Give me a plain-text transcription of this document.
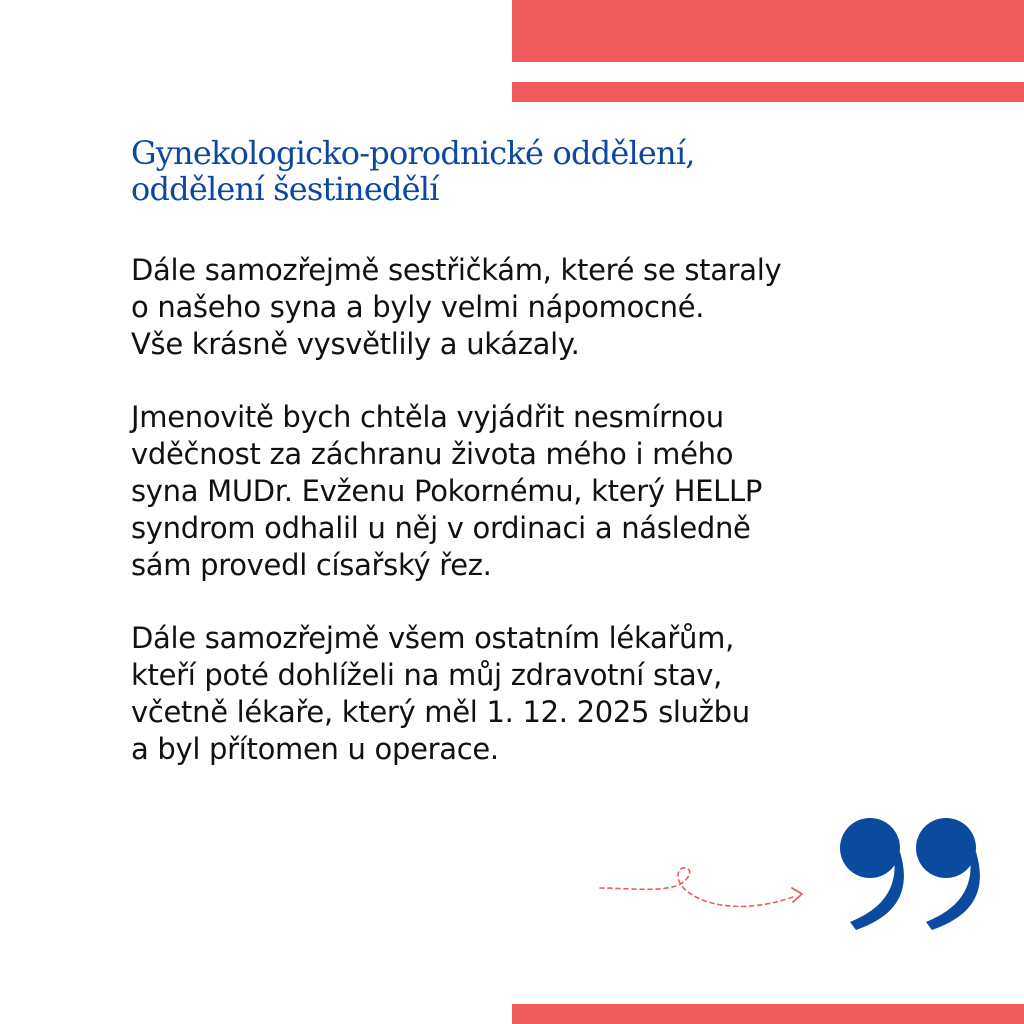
Gynekologicko-porodnické oddělení,
oddělení šestinedělí

Dále samozřejmě sestřičkám, které se staraly
o našeho syna a byly velmi nápomocné.
Vše krásně vysvětlily a ukázaly.

Jmenovitě bych chtěla vyjádřit nesmírnou
vděčnost za záchranu života mého i mého
syna MUDr. Evženu Pokornému, který HELLP
syndrom odhalil u něj v ordinaci a následně
sám provedl císařský řez.

Dále samozřejmě všem ostatním lékařům,
kteří poté dohlíželi na můj zdravotní stav,
včetně lékaře, který měl 1. 12. 2025 službu
a byl přítomen u operace.
